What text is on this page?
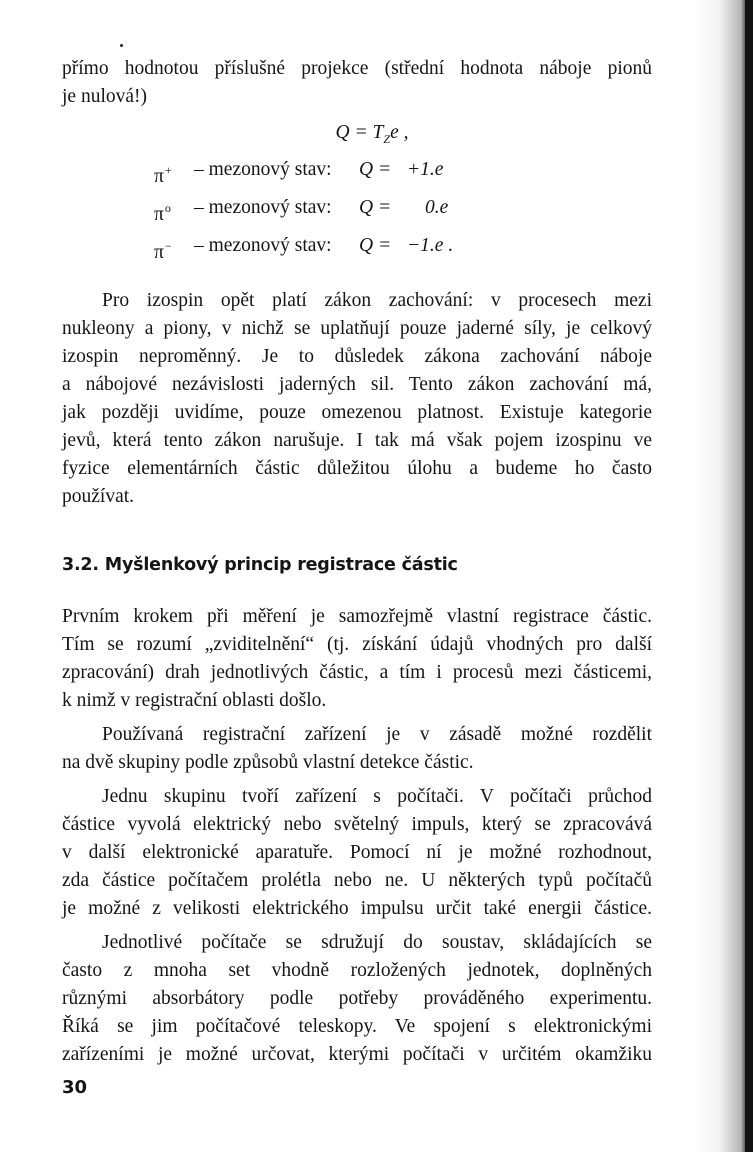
přímo hodnotou příslušné projekce (střední hodnota náboje pionů
je nulová!)
$Q = T_Ze$ ,
π+ – mezonový stav: Q = +1.e
$\pi^o$ – mezonový stav: Q =	0.e
π− – mezonový stav: Q = −1.e .
Pro izospin opět platí zákon zachování: v procesech mezi
nukleony a piony, v nichž se uplatňují pouze jaderné síly, je celkový
izospin neproměnný. Je to důsledek zákona zachování náboje
a nábojové nezávislosti jaderných sil. Tento zákon zachování má,
jak později uvidíme, pouze omezenou platnost. Existuje kategorie
jevů, která tento zákon narušuje. I tak má však pojem izospinu ve
fyzice elementárních částic důležitou úlohu a budeme ho často
používat.
3.2. Myšlenkový princip registrace částic
Prvním krokem při měření je samozřejmě vlastní registrace částic.
Tím se rozumí „zviditelnění“ (tj. získání údajů vhodných pro další
zpracování) drah jednotlivých částic, a tím i procesů mezi částicemi,
k nimž v registrační oblasti došlo.
Používaná registrační zařízení je v zásadě možné rozdělit
na dvě skupiny podle způsobů vlastní detekce částic.
Jednu skupinu tvoří zařízení s počítači. V počítači průchod
částice vyvolá elektrický nebo světelný impuls, který se zpracovává
v další elektronické aparatuře. Pomocí ní je možné rozhodnout,
zda částice počítačem prolétla nebo ne. U některých typů počítačů
je možné z velikosti elektrického impulsu určit také energii částice.
Jednotlivé počítače se sdružují do soustav, skládajících se
často z mnoha set vhodně rozložených jednotek, doplněných
různými absorbátory podle potřeby prováděného experimentu.
Říká se jim počítačové teleskopy. Ve spojení s elektronickými
zařízeními je možné určovat, kterými počítači v určitém okamžiku
30
